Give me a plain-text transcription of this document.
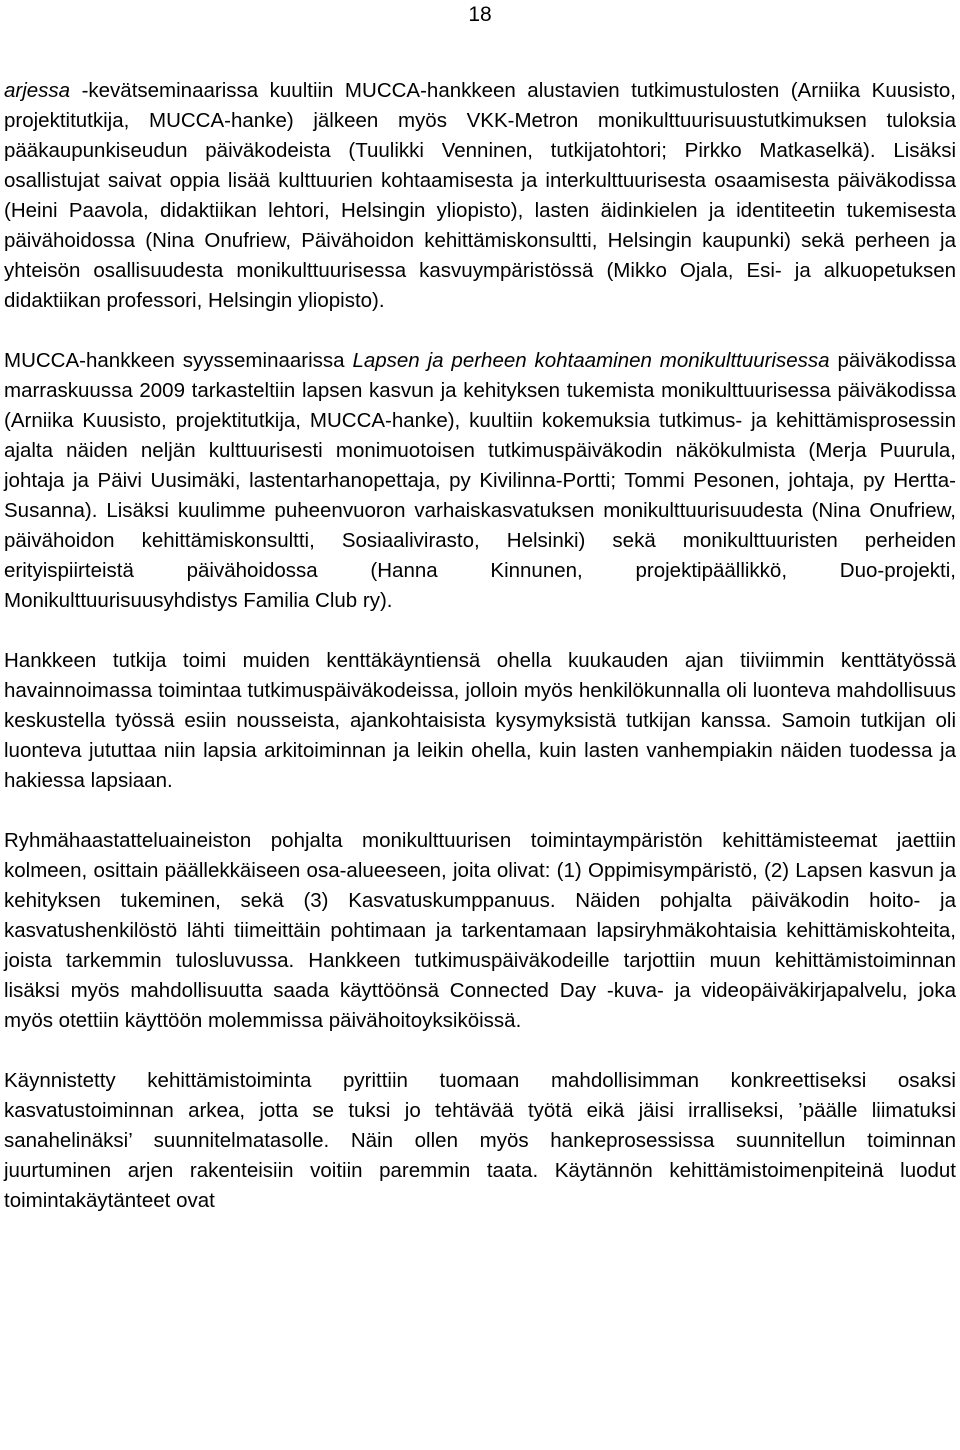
18

arjessa -kevätseminaarissa kuultiin MUCCA-hankkeen alustavien tutkimustulosten (Arniika Kuusisto, projektitutkija, MUCCA-hanke) jälkeen myös VKK-Metron monikulttuurisuustutkimuksen tuloksia pääkaupunkiseudun päiväkodeista (Tuulikki Venninen, tutkijatohtori; Pirkko Matkaselkä). Lisäksi osallistujat saivat oppia lisää kulttuurien kohtaamisesta ja interkulttuurisesta osaamisesta päiväkodissa (Heini Paavola, didaktiikan lehtori, Helsingin yliopisto), lasten äidinkielen ja identiteetin tukemisesta päivähoidossa (Nina Onufriew, Päivähoidon kehittämiskonsultti, Helsingin kaupunki) sekä perheen ja yhteisön osallisuudesta monikulttuurisessa kasvuympäristössä (Mikko Ojala, Esi- ja alkuopetuksen didaktiikan professori, Helsingin yliopisto).

MUCCA-hankkeen syysseminaarissa Lapsen ja perheen kohtaaminen monikulttuurisessa päiväkodissa marraskuussa 2009 tarkasteltiin lapsen kasvun ja kehityksen tukemista monikulttuurisessa päiväkodissa (Arniika Kuusisto, projektitutkija, MUCCA-hanke), kuultiin kokemuksia tutkimus- ja kehittämisprosessin ajalta näiden neljän kulttuurisesti monimuotoisen tutkimuspäiväkodin näkökulmista (Merja Puurula, johtaja ja Päivi Uusimäki, lastentarhanopettaja, py Kivilinna-Portti; Tommi Pesonen, johtaja, py Hertta-Susanna). Lisäksi kuulimme puheenvuoron varhaiskasvatuksen monikulttuurisuudesta (Nina Onufriew, päivähoidon kehittämiskonsultti, Sosiaalivirasto, Helsinki) sekä monikulttuuristen perheiden erityispiirteistä päivähoidossa (Hanna Kinnunen, projektipäällikkö, Duo-projekti, Monikulttuurisuusyhdistys Familia Club ry).

Hankkeen tutkija toimi muiden kenttäkäyntiensä ohella kuukauden ajan tiiviimmin kenttätyössä havainnoimassa toimintaa tutkimuspäiväkodeissa, jolloin myös henkilökunnalla oli luonteva mahdollisuus keskustella työssä esiin nousseista, ajankohtaisista kysymyksistä tutkijan kanssa. Samoin tutkijan oli luonteva jututtaa niin lapsia arkitoiminnan ja leikin ohella, kuin lasten vanhempiakin näiden tuodessa ja hakiessa lapsiaan.

Ryhmähaastatteluaineiston pohjalta monikulttuurisen toimintaympäristön kehittämisteemat jaettiin kolmeen, osittain päällekkäiseen osa-alueeseen, joita olivat: (1) Oppimisympäristö, (2) Lapsen kasvun ja kehityksen tukeminen, sekä (3) Kasvatuskumppanuus. Näiden pohjalta päiväkodin hoito- ja kasvatushenkilöstö lähti tiimeittäin pohtimaan ja tarkentamaan lapsiryhmäkohtaisia kehittämiskohteita, joista tarkemmin tulosluvussa. Hankkeen tutkimuspäiväkodeille tarjottiin muun kehittämistoiminnan lisäksi myös mahdollisuutta saada käyttöönsä Connected Day -kuva- ja videopäiväkirjapalvelu, joka myös otettiin käyttöön molemmissa päivähoitoyksiköissä.

Käynnistetty kehittämistoiminta pyrittiin tuomaan mahdollisimman konkreettiseksi osaksi kasvatustoiminnan arkea, jotta se tuksi jo tehtävää työtä eikä jäisi irralliseksi, ’päälle liimatuksi sanahelinäksi’ suunnitelmatasolle. Näin ollen myös hankeprosessissa suunnitellun toiminnan juurtuminen arjen rakenteisiin voitiin paremmin taata. Käytännön kehittämistoimenpiteinä luodut toimintakäytänteet ovat
